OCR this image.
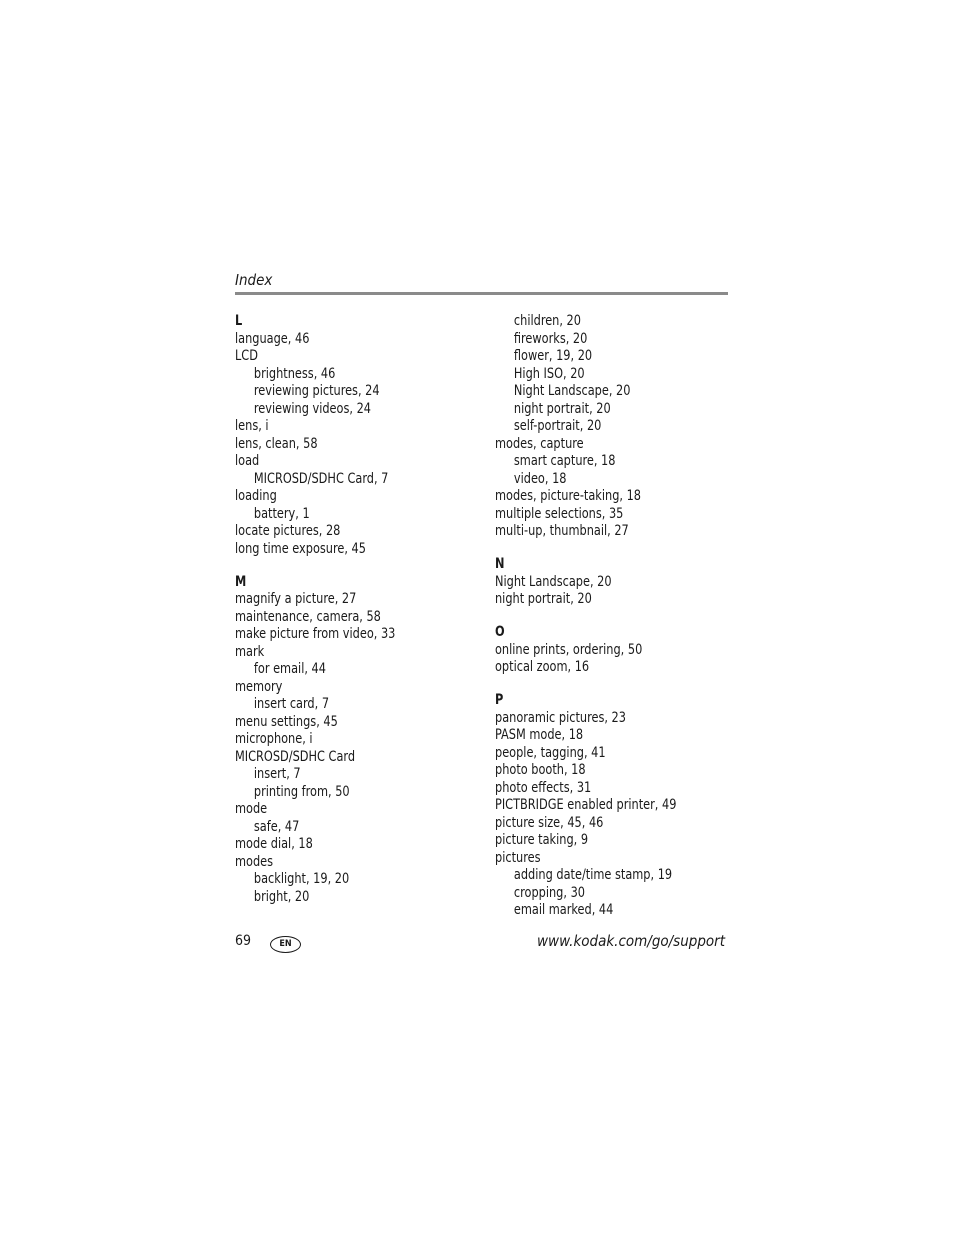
Index
L
language, 46
LCD
brightness, 46
reviewing pictures, 24
reviewing videos, 24
lens, i
lens, clean, 58
load
MICROSD/SDHC Card, 7
loading
battery, 1
locate pictures, 28
long time exposure, 45
M
magnify a picture, 27
maintenance, camera, 58
make picture from video, 33
mark
for email, 44
memory
insert card, 7
menu settings, 45
microphone, i
MICROSD/SDHC Card
insert, 7
printing from, 50
mode
safe, 47
mode dial, 18
modes
backlight, 19, 20
bright, 20
children, 20
fireworks, 20
flower, 19, 20
High ISO, 20
Night Landscape, 20
night portrait, 20
self-portrait, 20
modes, capture
smart capture, 18
video, 18
modes, picture-taking, 18
multiple selections, 35
multi-up, thumbnail, 27
N
Night Landscape, 20
night portrait, 20
O
online prints, ordering, 50
optical zoom, 16
P
panoramic pictures, 23
PASM mode, 18
people, tagging, 41
photo booth, 18
photo effects, 31
PICTBRIDGE enabled printer, 49
picture size, 45, 46
picture taking, 9
pictures
adding date/time stamp, 19
cropping, 30
email marked, 44
69	EN	www.kodak.com/go/support
